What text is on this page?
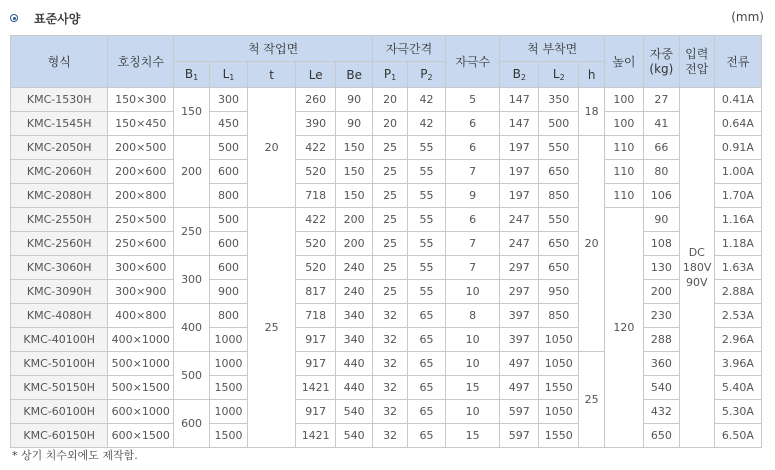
표준사양	(mm)
형식	호칭치수	척 작업면					자극간격		자극수	척 부착면			높이	자중 (kg)	입력 전압	전류
		$B_1$	$L_1$	t	Le	Be	$P_1$	$P_2$		$B_2$	$L_2$	h				
KMC-1530H	150×300	150	300	20	260	90	20	42	5	147	350	18	100	27	DC 180V 90V	0.41A
KMC-1545H	150×450		450		390	90	20	42	6	147	500		100	41		0.64A
KMC-2050H	200×500	200	500		422	150	25	55	6	197	550	20	110	66		0.91A
KMC-2060H	200×600		600		520	150	25	55	7	197	650		110	80		1.00A
KMC-2080H	200×800		800		718	150	25	55	9	197	850		110	106		1.70A
KMC-2550H	250×500	250	500	25	422	200	25	55	6	247	550		120	90		1.16A
KMC-2560H	250×600		600		520	200	25	55	7	247	650			108		1.18A
KMC-3060H	300×600	300	600		520	240	25	55	7	297	650			130		1.63A
KMC-3090H	300×900		900		817	240	25	55	10	297	950			200		2.88A
KMC-4080H	400×800	400	800		718	340	32	65	8	397	850			230		2.53A
KMC-40100H	400×1000		1000		917	340	32	65	10	397	1050			288		2.96A
KMC-50100H	500×1000	500	1000		917	440	32	65	10	497	1050	25		360		3.96A
KMC-50150H	500×1500		1500		1421	440	32	65	15	497	1550			540		5.40A
KMC-60100H	600×1000	600	1000		917	540	32	65	10	597	1050			432		5.30A
KMC-60150H	600×1500		1500		1421	540	32	65	15	597	1550			650		6.50A
* 상기 치수외에도 제작함.
